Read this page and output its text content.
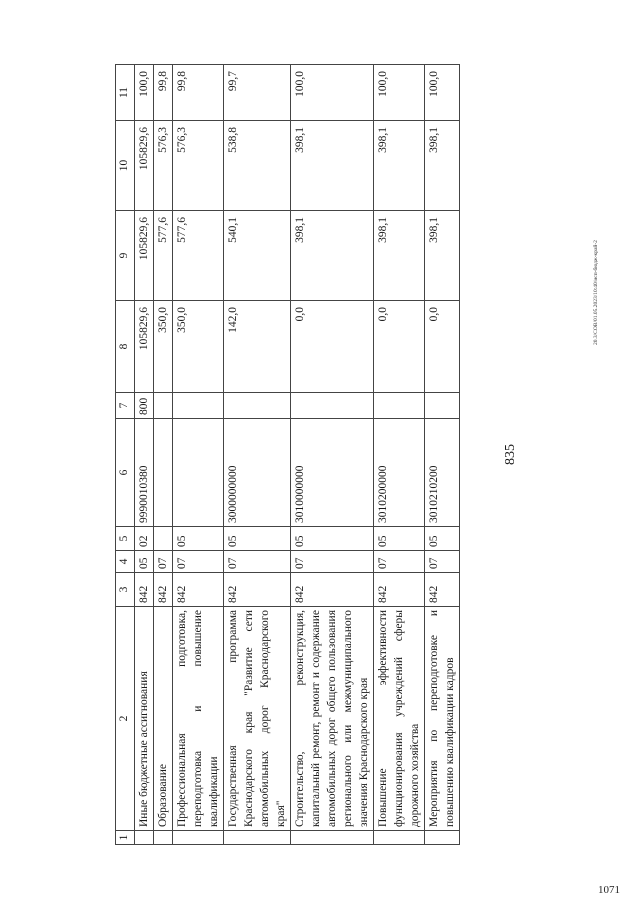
1071
1	2	3	4	5	6	7	8	9	10	11
	Иные бюджетные ассигнования	842	05	02	9990010380	800	105829,6	105829,6	105829,6	100,0
	Образование	842	07				350,0	577,6	576,3	99,8
	Профессиональная подготовка, переподготовка и повышение квалификации	842	07	05			350,0	577,6	576,3	99,8
	Государственная программа Краснодарского края "Развитие сети автомобильных дорог Краснодарского края"	842	07	05	3000000000		142,0	540,1	538,8	99,7
	Строительство, реконструкция, капитальный ремонт, ремонт и содержание автомобильных дорог общего пользования регионального или межмуниципального значения Краснодарского края	842	07	05	3010000000		0,0	398,1	398,1	100,0
	Повышение эффективности функционирования учреждений сферы дорожного хозяйства	842	07	05	3010200000		0,0	398,1	398,1	100,0
	Мероприятия по переподготовке и повышению квалификации кадров	842	07	05	3010210200		0,0	398,1	398,1	100,0
835
20.3/СОВ/01.05.2023/10:40/исп-бюдж-край-2
